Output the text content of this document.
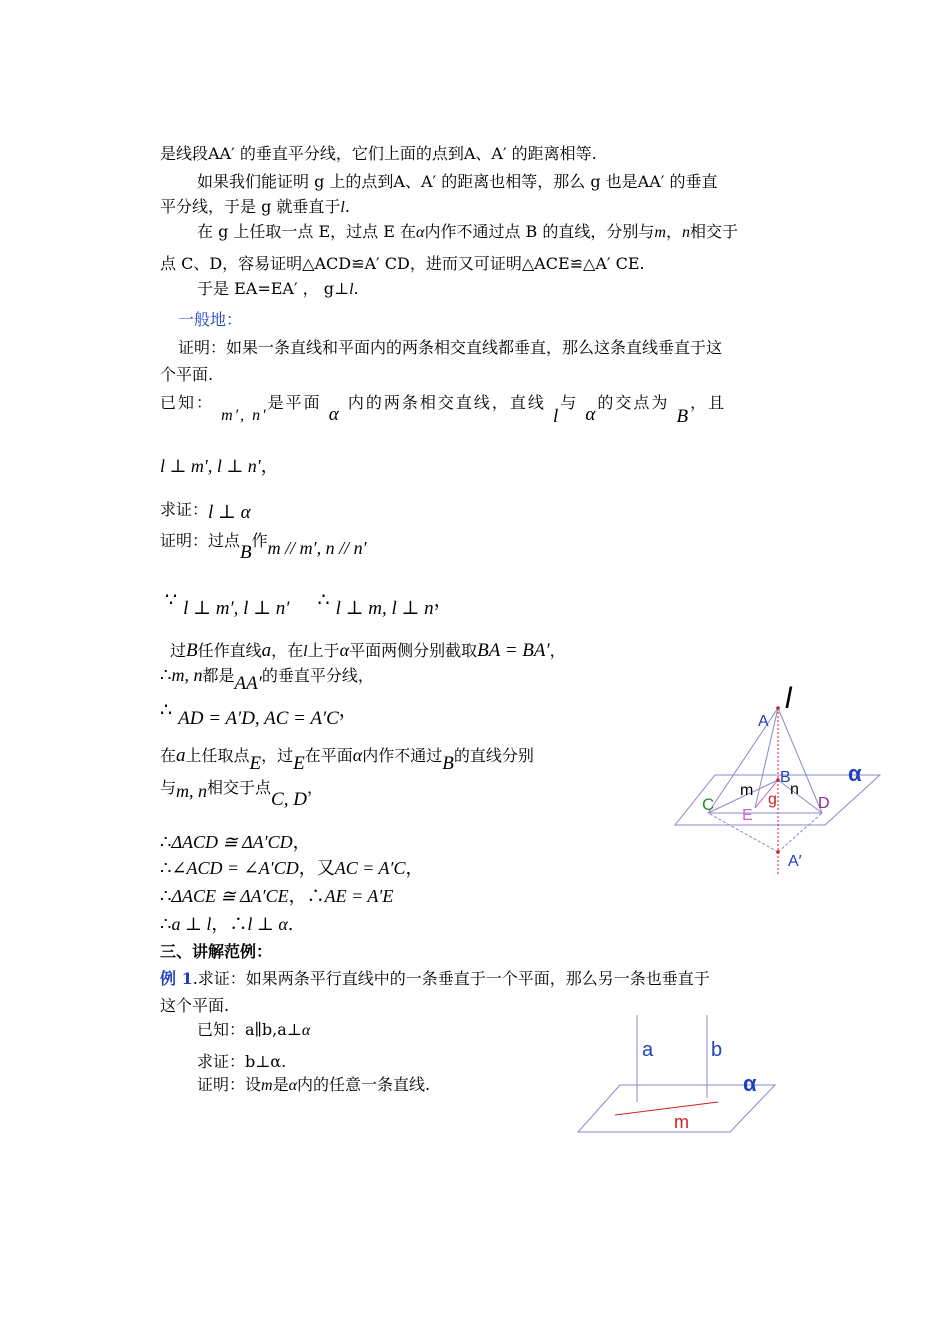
是线段AA′ 的垂直平分线，它们上面的点到A、A′ 的距离相等.
如果我们能证明 g 上的点到A、A′ 的距离也相等，那么 g 也是AA′ 的垂直
平分线，于是 g 就垂直于l.
在 g 上任取一点 E，过点 E 在α内作不通过点 B 的直线，分别与m，n相交于
点 C、D，容易证明△ACD≌A′ CD，进而又可证明△ACE≌△A′ CE.
于是 EA=EA′ ， g⊥l.
一般地：
证明：如果一条直线和平面内的两条相交直线都垂直，那么这条直线垂直于这
个平面.
已知： m′, n′是平面 α 内的两条相交直线，直线 l与 α的交点为 B，且
l ⊥ m′, l ⊥ n′，
求证：l ⊥ α
证明：过点B作m // m′, n // n′
∵ l ⊥ m′, l ⊥ n′ ∴ l ⊥ m, l ⊥ n，
过B任作直线a，在l上于α平面两侧分别截取BA = BA′，
∴m, n都是AA′的垂直平分线，
∴ AD = A′D, AC = A′C，
在a上任取点E，过E在平面α内作不通过B的直线分别
与m, n相交于点C, D，
∴ΔACD ≅ ΔA′CD，
∴∠ACD = ∠A′CD，又AC = A′C，
∴ΔACE ≅ ΔA′CE，∴AE = A′E
∴a ⊥ l，∴l ⊥ α.
三、讲解范例：
例 1.求证：如果两条平行直线中的一条垂直于一个平面，那么另一条也垂直于
这个平面.
已知：a∥b,a⊥α
求证：b⊥α.
证明：设m是α内的任意一条直线.
l
A
B	α
m
g
n
C
E
D
A′
a	b
α
m
